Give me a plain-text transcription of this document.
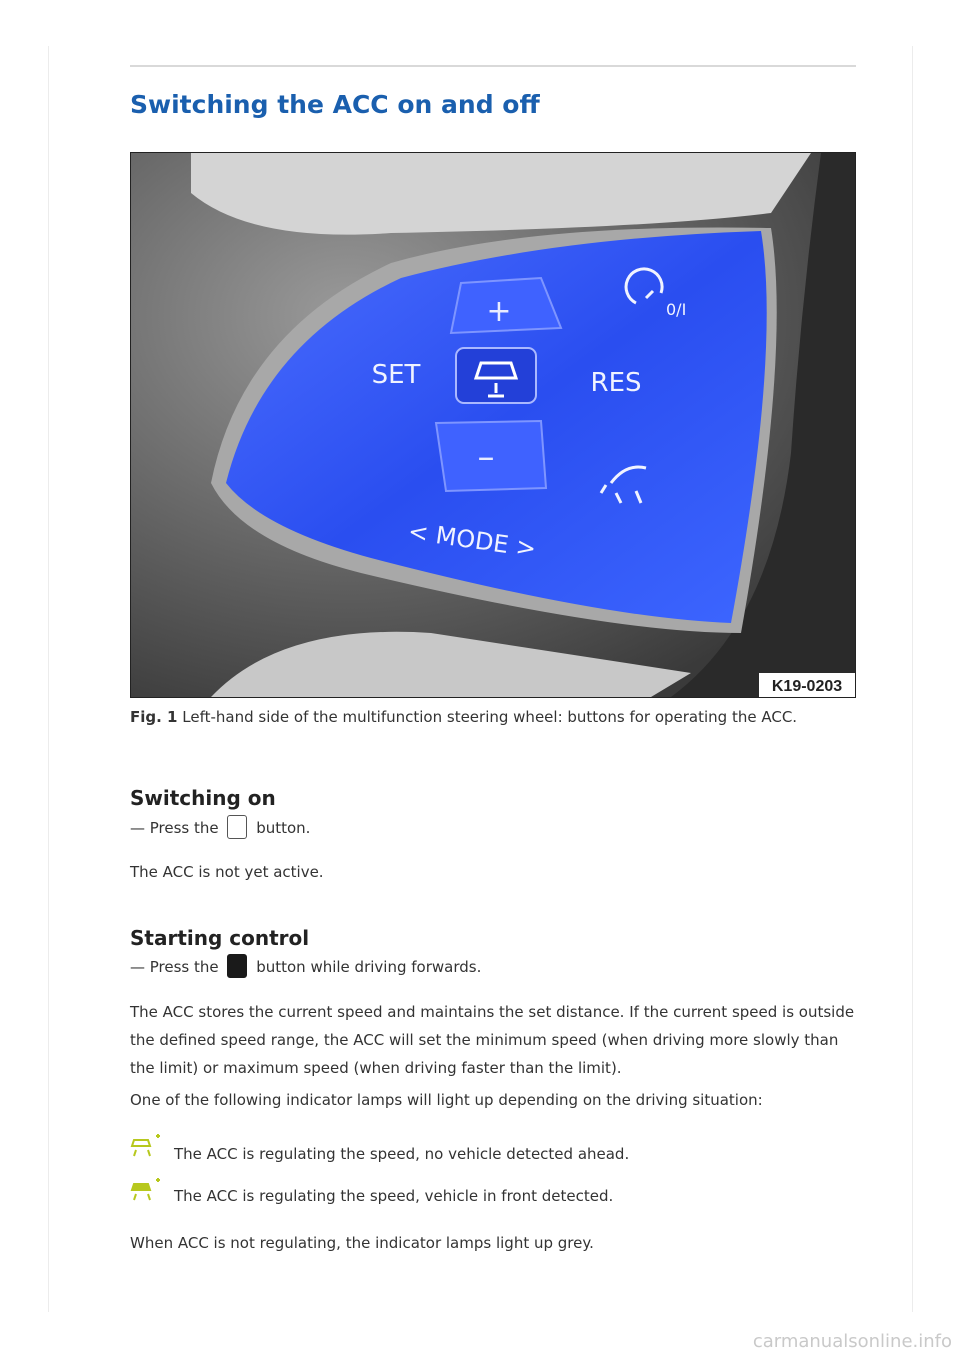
Switching the ACC on and off
+
–
SET	RES
0/I
< MODE >
K19-0203
Fig. 1 Left-hand side of the multifunction steering wheel: buttons for operating the ACC.
Switching on

— Press the	button.

The ACC is not yet active.

Starting control

— Press the	button while driving forwards.

The ACC stores the current speed and maintains the set distance. If the current speed is outside the defined speed range, the ACC will set the minimum speed (when driving more slowly than the limit) or maximum speed (when driving faster than the limit).

One of the following indicator lamps will light up depending on the driving situation:

The ACC is regulating the speed, no vehicle detected ahead.

The ACC is regulating the speed, vehicle in front detected.

When ACC is not regulating, the indicator lamps light up grey.

carmanualsonline.info
